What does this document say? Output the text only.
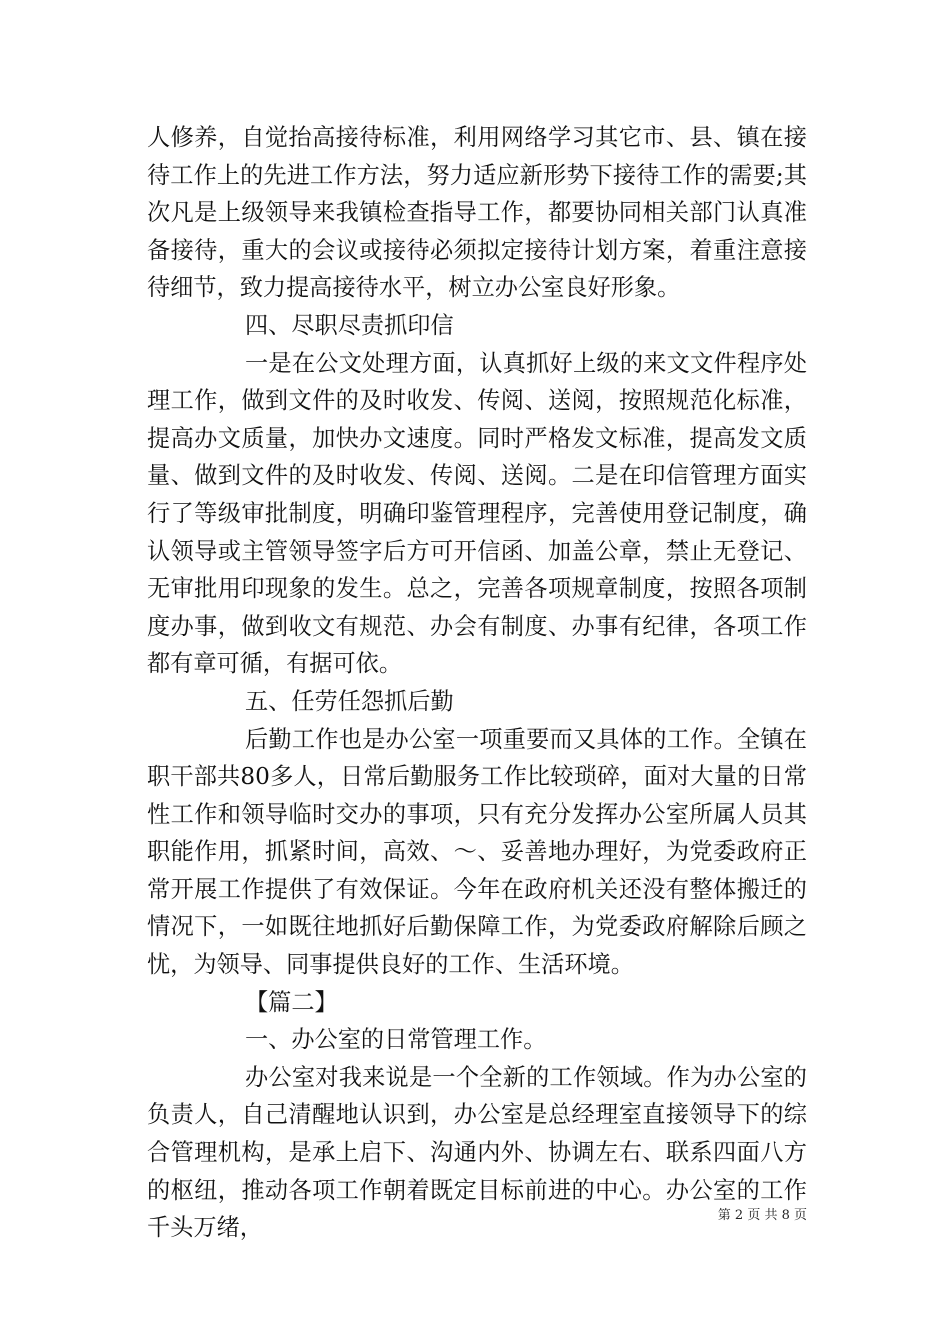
人修养，自觉抬高接待标准，利用网络学习其它市、县、镇在接待工作上的先进工作方法，努力适应新形势下接待工作的需要;其次凡是上级领导来我镇检查指导工作，都要协同相关部门认真准备接待，重大的会议或接待必须拟定接待计划方案，着重注意接待细节，致力提高接待水平，树立办公室良好形象。

四、尽职尽责抓印信

一是在公文处理方面，认真抓好上级的来文文件程序处理工作，做到文件的及时收发、传阅、送阅，按照规范化标准，提高办文质量，加快办文速度。同时严格发文标准，提高发文质量、做到文件的及时收发、传阅、送阅。二是在印信管理方面实行了等级审批制度，明确印鉴管理程序，完善使用登记制度，确认领导或主管领导签字后方可开信函、加盖公章，禁止无登记、无审批用印现象的发生。总之，完善各项规章制度，按照各项制度办事，做到收文有规范、办会有制度、办事有纪律，各项工作都有章可循，有据可依。

五、任劳任怨抓后勤

后勤工作也是办公室一项重要而又具体的工作。全镇在职干部共80多人，日常后勤服务工作比较琐碎，面对大量的日常性工作和领导临时交办的事项，只有充分发挥办公室所属人员其职能作用，抓紧时间，高效、～、妥善地办理好，为党委政府正常开展工作提供了有效保证。今年在政府机关还没有整体搬迁的情况下，一如既往地抓好后勤保障工作，为党委政府解除后顾之忧，为领导、同事提供良好的工作、生活环境。

【篇二】

一、办公室的日常管理工作。

办公室对我来说是一个全新的工作领域。作为办公室的负责人，自己清醒地认识到，办公室是总经理室直接领导下的综合管理机构，是承上启下、沟通内外、协调左右、联系四面八方的枢纽，推动各项工作朝着既定目标前进的中心。办公室的工作千头万绪，	第 2 页 共 8 页
